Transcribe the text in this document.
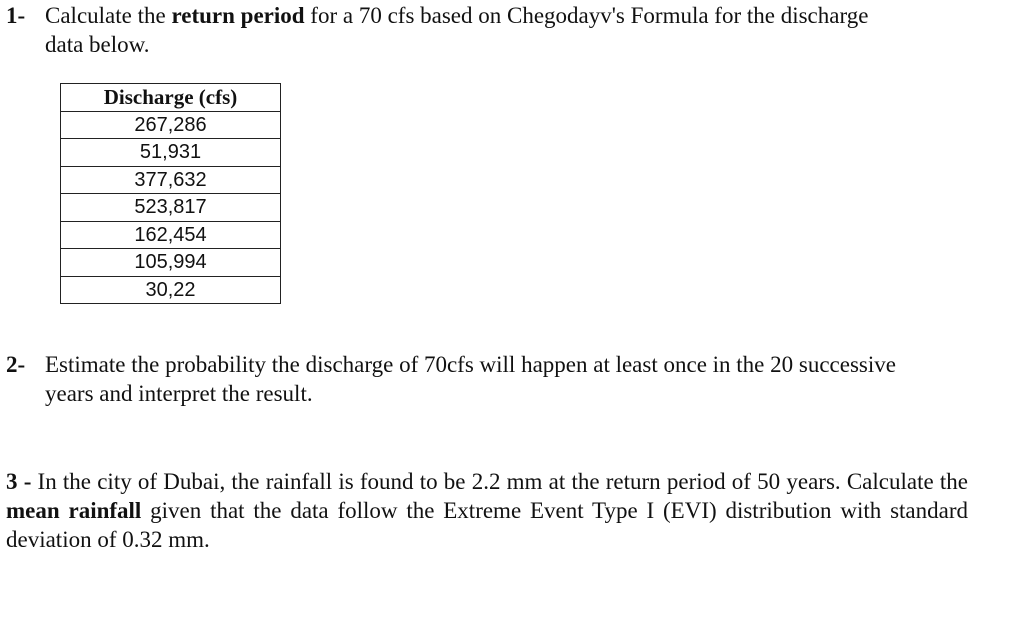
1- Calculate the return period for a 70 cfs based on Chegodayv's Formula for the discharge
data below.
Discharge (cfs)
267,286
51,931
377,632
523,817
162,454
105,994
30,22
2- Estimate the probability the discharge of 70cfs will happen at least once in the 20 successive
years and interpret the result.
3 - In the city of Dubai, the rainfall is found to be 2.2 mm at the return period of 50 years. Calculate the mean rainfall given that the data follow the Extreme Event Type I (EVI) distribution with standard deviation of 0.32 mm.
